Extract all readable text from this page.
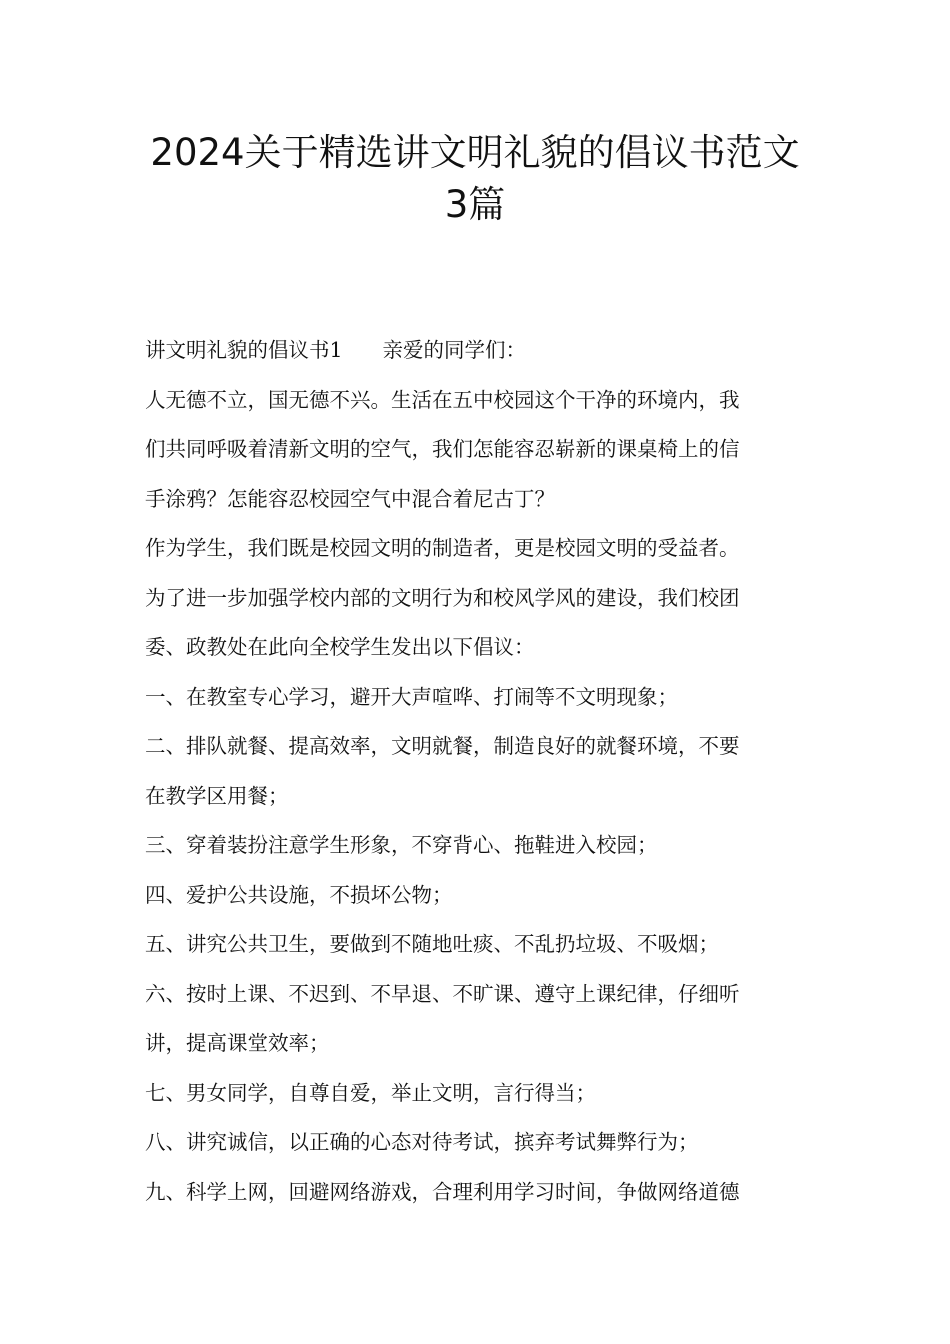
2024关于精选讲文明礼貌的倡议书范文
3篇
讲文明礼貌的倡议书1 亲爱的同学们：
人无德不立，国无德不兴。生活在五中校园这个干净的环境内，我
们共同呼吸着清新文明的空气，我们怎能容忍崭新的课桌椅上的信
手涂鸦？怎能容忍校园空气中混合着尼古丁？
作为学生，我们既是校园文明的制造者，更是校园文明的受益者。
为了进一步加强学校内部的文明行为和校风学风的建设，我们校团
委、政教处在此向全校学生发出以下倡议：
一、在教室专心学习，避开大声喧哗、打闹等不文明现象；
二、排队就餐、提高效率，文明就餐，制造良好的就餐环境，不要
在教学区用餐；
三、穿着装扮注意学生形象，不穿背心、拖鞋进入校园；
四、爱护公共设施，不损坏公物；
五、讲究公共卫生，要做到不随地吐痰、不乱扔垃圾、不吸烟；
六、按时上课、不迟到、不早退、不旷课、遵守上课纪律，仔细听
讲，提高课堂效率；
七、男女同学，自尊自爱，举止文明，言行得当；
八、讲究诚信，以正确的心态对待考试，摈弃考试舞弊行为；
九、科学上网，回避网络游戏，合理利用学习时间，争做网络道德
